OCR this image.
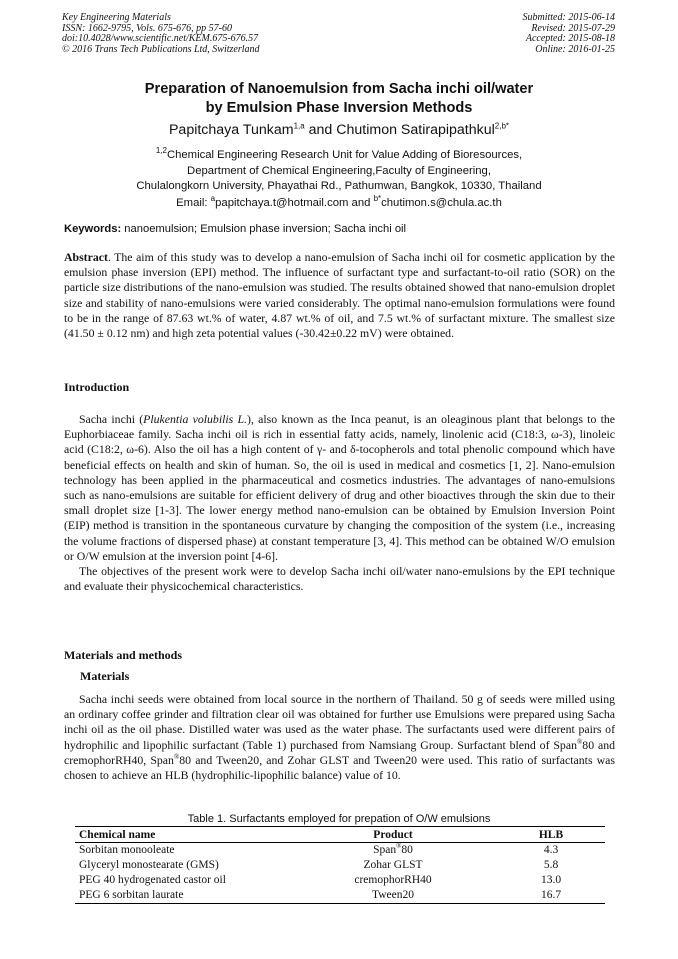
Key Engineering Materials
ISSN: 1662-9795, Vols. 675-676, pp 57-60
doi:10.4028/www.scientific.net/KEM.675-676.57
© 2016 Trans Tech Publications Ltd, Switzerland
Submitted: 2015-06-14
Revised: 2015-07-29
Accepted: 2015-08-18
Online: 2016-01-25
Preparation of Nanoemulsion from Sacha inchi oil/water
by Emulsion Phase Inversion Methods
Papitchaya Tunkam$^{1,a}$ and Chutimon Satirapipathkul$^{2,b*}$
$^{1,2}$Chemical Engineering Research Unit for Value Adding of Bioresources,
Department of Chemical Engineering,Faculty of Engineering,
Chulalongkorn University, Phayathai Rd., Pathumwan, Bangkok, 10330, Thailand
Email: $^a$papitchaya.t@hotmail.com and $^{b*}$chutimon.s@chula.ac.th
Keywords: nanoemulsion; Emulsion phase inversion; Sacha inchi oil

Abstract. The aim of this study was to develop a nano-emulsion of Sacha inchi oil for cosmetic application by the emulsion phase inversion (EPI) method. The influence of surfactant type and surfactant-to-oil ratio (SOR) on the particle size distributions of the nano-emulsion was studied. The results obtained showed that nano-emulsion droplet size and stability of nano-emulsions were varied considerably. The optimal nano-emulsion formulations were found to be in the range of 87.63 wt.% of water, 4.87 wt.% of oil, and 7.5 wt.% of surfactant mixture. The smallest size (41.50 ± 0.12 nm) and high zeta potential values (-30.42±0.22 mV) were obtained.

Introduction

Sacha inchi (Plukentia volubilis L.), also known as the Inca peanut, is an oleaginous plant that belongs to the Euphorbiaceae family. Sacha inchi oil is rich in essential fatty acids, namely, linolenic acid (C18:3, ω-3), linoleic acid (C18:2, ω-6). Also the oil has a high content of γ- and δ-tocopherols and total phenolic compound which have beneficial effects on health and skin of human. So, the oil is used in medical and cosmetics [1, 2]. Nano-emulsion technology has been applied in the pharmaceutical and cosmetics industries. The advantages of nano-emulsions such as nano-emulsions are suitable for efficient delivery of drug and other bioactives through the skin due to their small droplet size [1-3]. The lower energy method nano-emulsion can be obtained by Emulsion Inversion Point (EIP) method is transition in the spontaneous curvature by changing the composition of the system (i.e., increasing the volume fractions of dispersed phase) at constant temperature [3, 4]. This method can be obtained W/O emulsion or O/W emulsion at the inversion point [4-6].

The objectives of the present work were to develop Sacha inchi oil/water nano-emulsions by the EPI technique and evaluate their physicochemical characteristics.

Materials and methods
Materials

Sacha inchi seeds were obtained from local source in the northern of Thailand. 50 g of seeds were milled using an ordinary coffee grinder and filtration clear oil was obtained for further use Emulsions were prepared using Sacha inchi oil as the oil phase. Distilled water was used as the water phase. The surfactants used were different pairs of hydrophilic and lipophilic surfactant (Table 1) purchased from Namsiang Group. Surfactant blend of Span®80 and cremophorRH40, Span®80 and Tween20, and Zohar GLST and Tween20 were used. This ratio of surfactants was chosen to achieve an HLB (hydrophilic-lipophilic balance) value of 10.

Table 1. Surfactants employed for prepation of O/W emulsions
Chemical name	Product	HLB
Sorbitan monooleate	Span®80	4.3
Glyceryl monostearate (GMS)	Zohar GLST	5.8
PEG 40 hydrogenated castor oil	cremophorRH40	13.0
PEG 6 sorbitan laurate	Tween20	16.7
